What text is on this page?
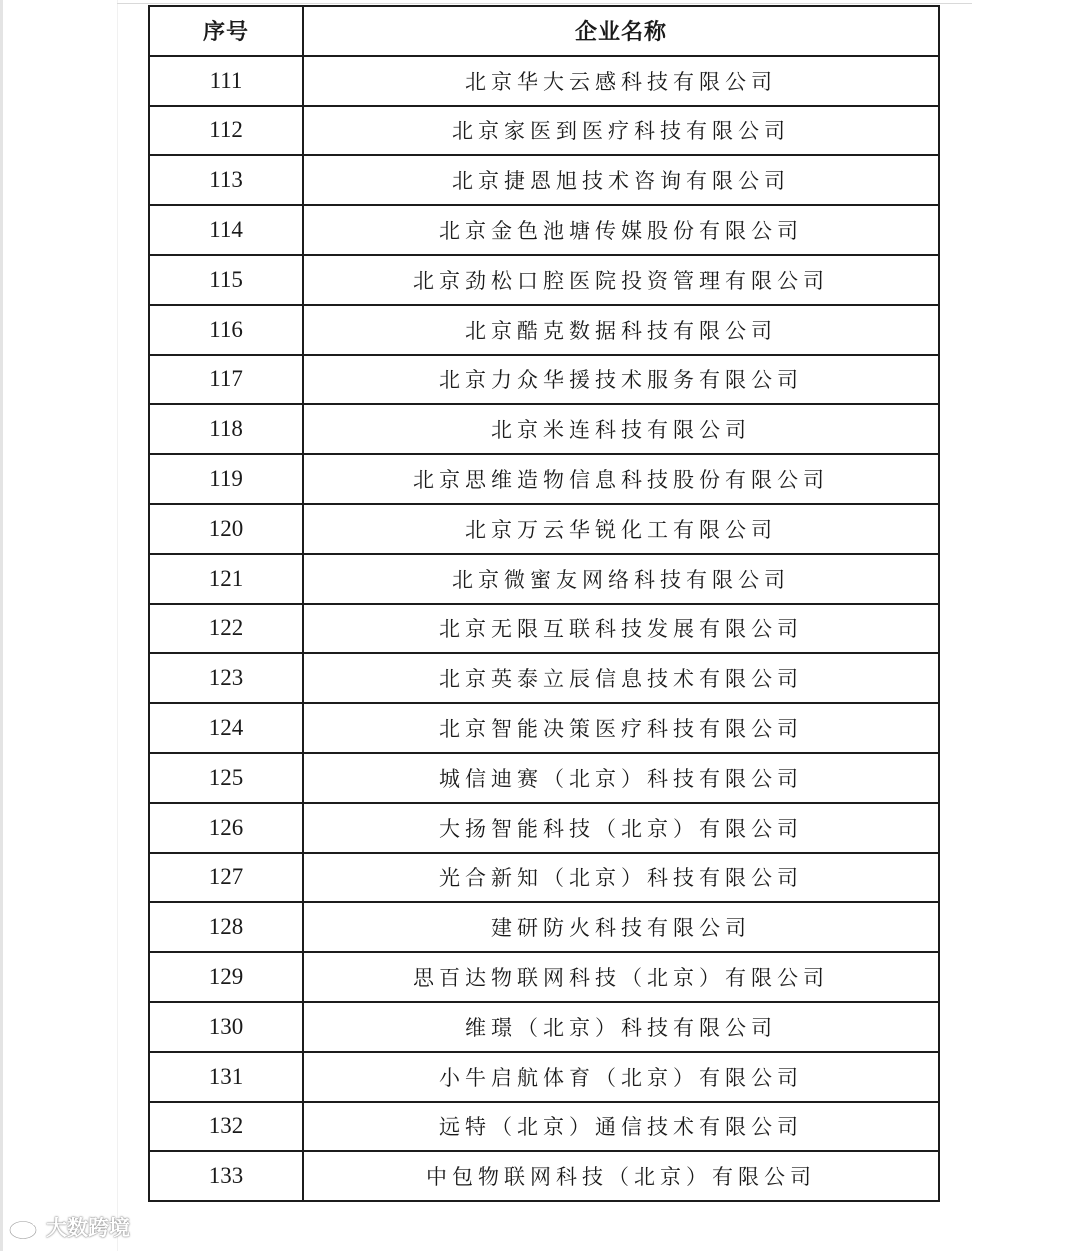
序号	企业名称
111	北京华大云感科技有限公司
112	北京家医到医疗科技有限公司
113	北京捷恩旭技术咨询有限公司
114	北京金色池塘传媒股份有限公司
115	北京劲松口腔医院投资管理有限公司
116	北京酷克数据科技有限公司
117	北京力众华援技术服务有限公司
118	北京米连科技有限公司
119	北京思维造物信息科技股份有限公司
120	北京万云华锐化工有限公司
121	北京微蜜友网络科技有限公司
122	北京无限互联科技发展有限公司
123	北京英泰立辰信息技术有限公司
124	北京智能决策医疗科技有限公司
125	城信迪赛（北京）科技有限公司
126	大扬智能科技（北京）有限公司
127	光合新知（北京）科技有限公司
128	建研防火科技有限公司
129	思百达物联网科技（北京）有限公司
130	维璟（北京）科技有限公司
131	小牛启航体育（北京）有限公司
132	远特（北京）通信技术有限公司
133	中包物联网科技（北京）有限公司
大数跨境
